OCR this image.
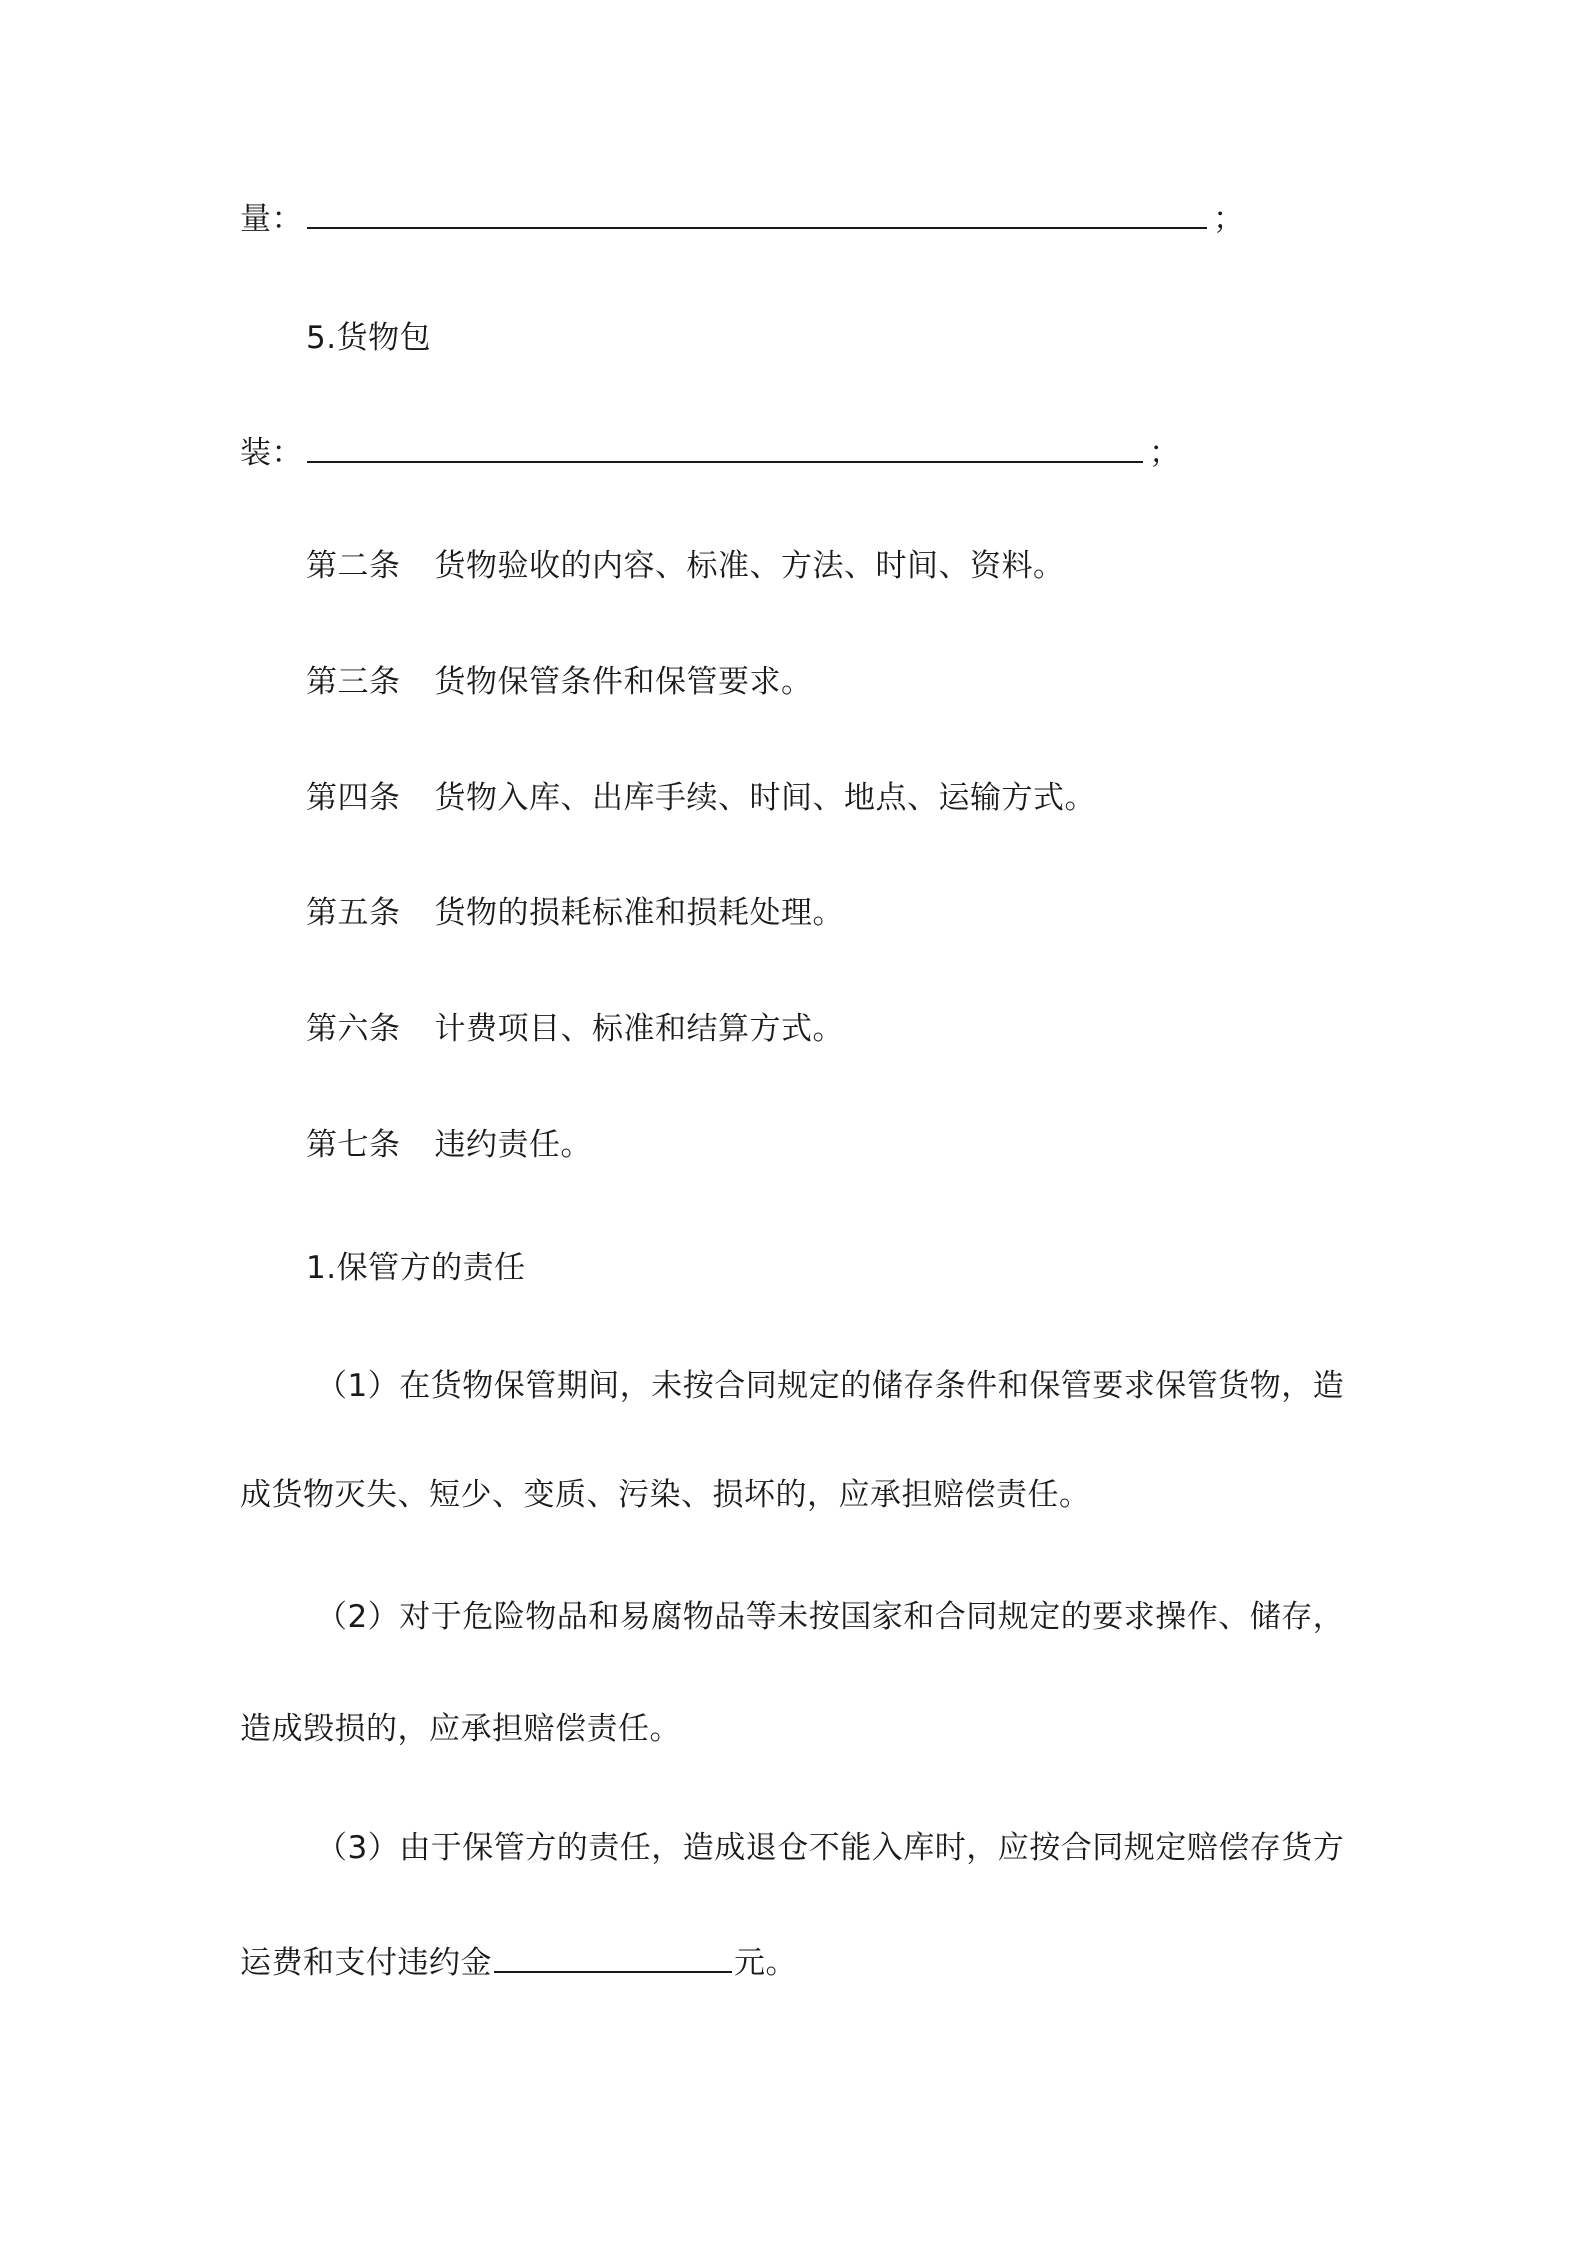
量：	；
5.货物包
装：	；
第二条 货物验收的内容、标准、方法、时间、资料。
第三条 货物保管条件和保管要求。
第四条 货物入库、出库手续、时间、地点、运输方式。
第五条 货物的损耗标准和损耗处理。
第六条 计费项目、标准和结算方式。
第七条 违约责任。
1.保管方的责任
（1）在货物保管期间，未按合同规定的储存条件和保管要求保管货物，造
成货物灭失、短少、变质、污染、损坏的，应承担赔偿责任。
（2）对于危险物品和易腐物品等未按国家和合同规定的要求操作、储存，
造成毁损的，应承担赔偿责任。
（3）由于保管方的责任，造成退仓不能入库时，应按合同规定赔偿存货方
运费和支付违约金	元。
